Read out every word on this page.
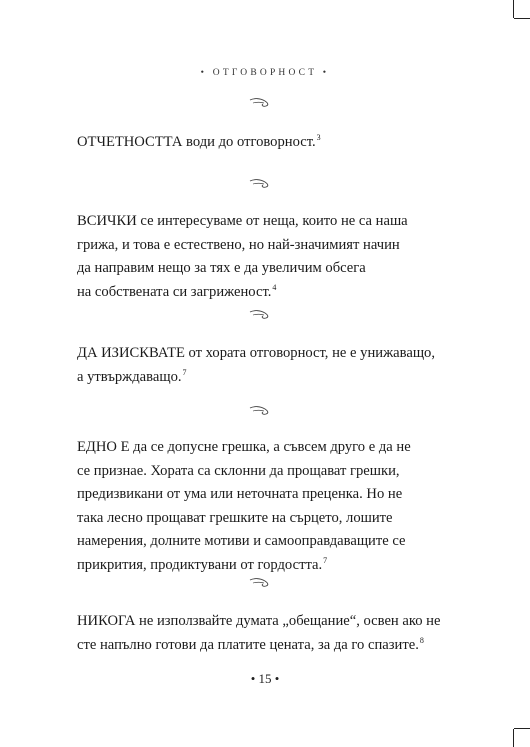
• ОТГОВОРНОСТ •
ОТЧЕТНОСТТА води до отговорност.$^3$
ВСИЧКИ се интересуваме от неща, които не са наша
грижа, и това е естествено, но най-значимият начин
да направим нещо за тях е да увеличим обсега
на собствената си загриженост.$^4$
ДА ИЗИСКВАТЕ от хората отговорност, не е унижаващо,
а утвърждаващо.$^7$
ЕДНО Е да се допусне грешка, а съвсем друго е да не
се признае. Хората са склонни да прощават грешки,
предизвикани от ума или неточната преценка. Но не
така лесно прощават грешките на сърцето, лошите
намерения, долните мотиви и самооправдаващите се
прикрития, продиктувани от гордостта.$^7$
НИКОГА не използвайте думата „обещание“, освен ако не
сте напълно готови да платите цената, за да го спазите.$^8$
• 15 •
